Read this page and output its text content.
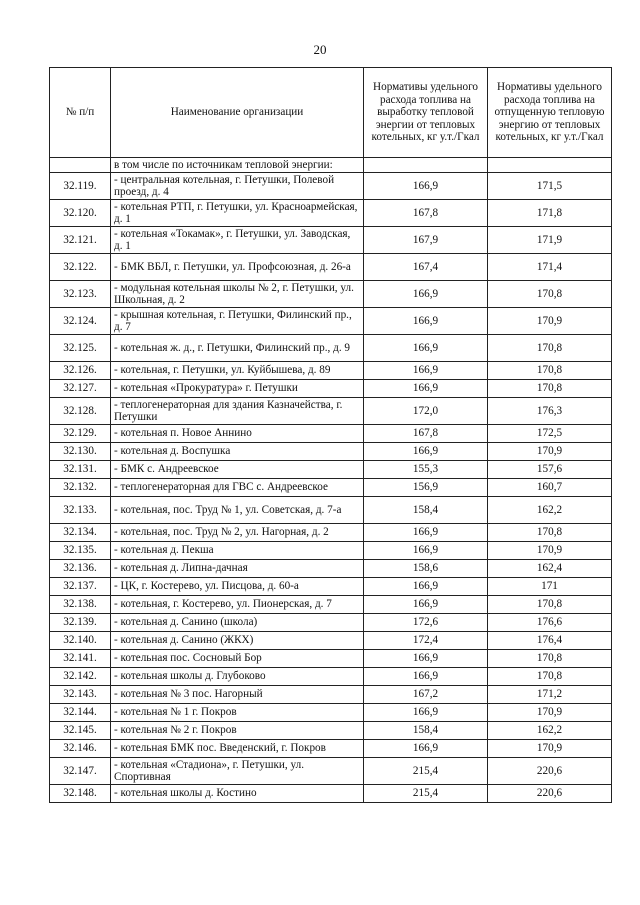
20
№ п/п	Наименование организации	Нормативы удельного расхода топлива на выработку тепловой энергии от тепловых котельных, кг у.т./Гкал	Нормативы удельного расхода топлива на отпущенную тепловую энергию от тепловых котельных, кг у.т./Гкал
	в том числе по источникам тепловой энергии:		
32.119.	- центральная котельная, г. Петушки, Полевой проезд, д. 4	166,9	171,5
32.120.	- котельная РТП, г. Петушки, ул. Красноармейская, д. 1	167,8	171,8
32.121.	- котельная «Токамак», г. Петушки, ул. Заводская, д. 1	167,9	171,9
32.122.	- БМК ВБЛ, г. Петушки, ул. Профсоюзная, д. 26-а	167,4	171,4
32.123.	- модульная котельная школы № 2, г. Петушки, ул. Школьная, д. 2	166,9	170,8
32.124.	- крышная котельная, г. Петушки, Филинский пр., д. 7	166,9	170,9
32.125.	- котельная ж. д., г. Петушки, Филинский пр., д. 9	166,9	170,8
32.126.	- котельная, г. Петушки, ул. Куйбышева, д. 89	166,9	170,8
32.127.	- котельная «Прокуратура» г. Петушки	166,9	170,8
32.128.	- теплогенераторная для здания Казначейства, г. Петушки	172,0	176,3
32.129.	- котельная п. Новое Аннино	167,8	172,5
32.130.	- котельная д. Воспушка	166,9	170,9
32.131.	- БМК с. Андреевское	155,3	157,6
32.132.	- теплогенераторная для ГВС с. Андреевское	156,9	160,7
32.133.	- котельная, пос. Труд № 1, ул. Советская, д. 7-а	158,4	162,2
32.134.	- котельная, пос. Труд № 2, ул. Нагорная, д. 2	166,9	170,8
32.135.	- котельная д. Пекша	166,9	170,9
32.136.	- котельная д. Липна-дачная	158,6	162,4
32.137.	- ЦК, г. Костерево, ул. Писцова, д. 60-а	166,9	171
32.138.	- котельная, г. Костерево, ул. Пионерская, д. 7	166,9	170,8
32.139.	- котельная д. Санино (школа)	172,6	176,6
32.140.	- котельная д. Санино (ЖКХ)	172,4	176,4
32.141.	- котельная пос. Сосновый Бор	166,9	170,8
32.142.	- котельная школы д. Глубоково	166,9	170,8
32.143.	- котельная № 3 пос. Нагорный	167,2	171,2
32.144.	- котельная № 1 г. Покров	166,9	170,9
32.145.	- котельная № 2 г. Покров	158,4	162,2
32.146.	- котельная БМК пос. Введенский, г. Покров	166,9	170,9
32.147.	- котельная «Стадиона», г. Петушки, ул. Спортивная	215,4	220,6
32.148.	- котельная школы д. Костино	215,4	220,6
